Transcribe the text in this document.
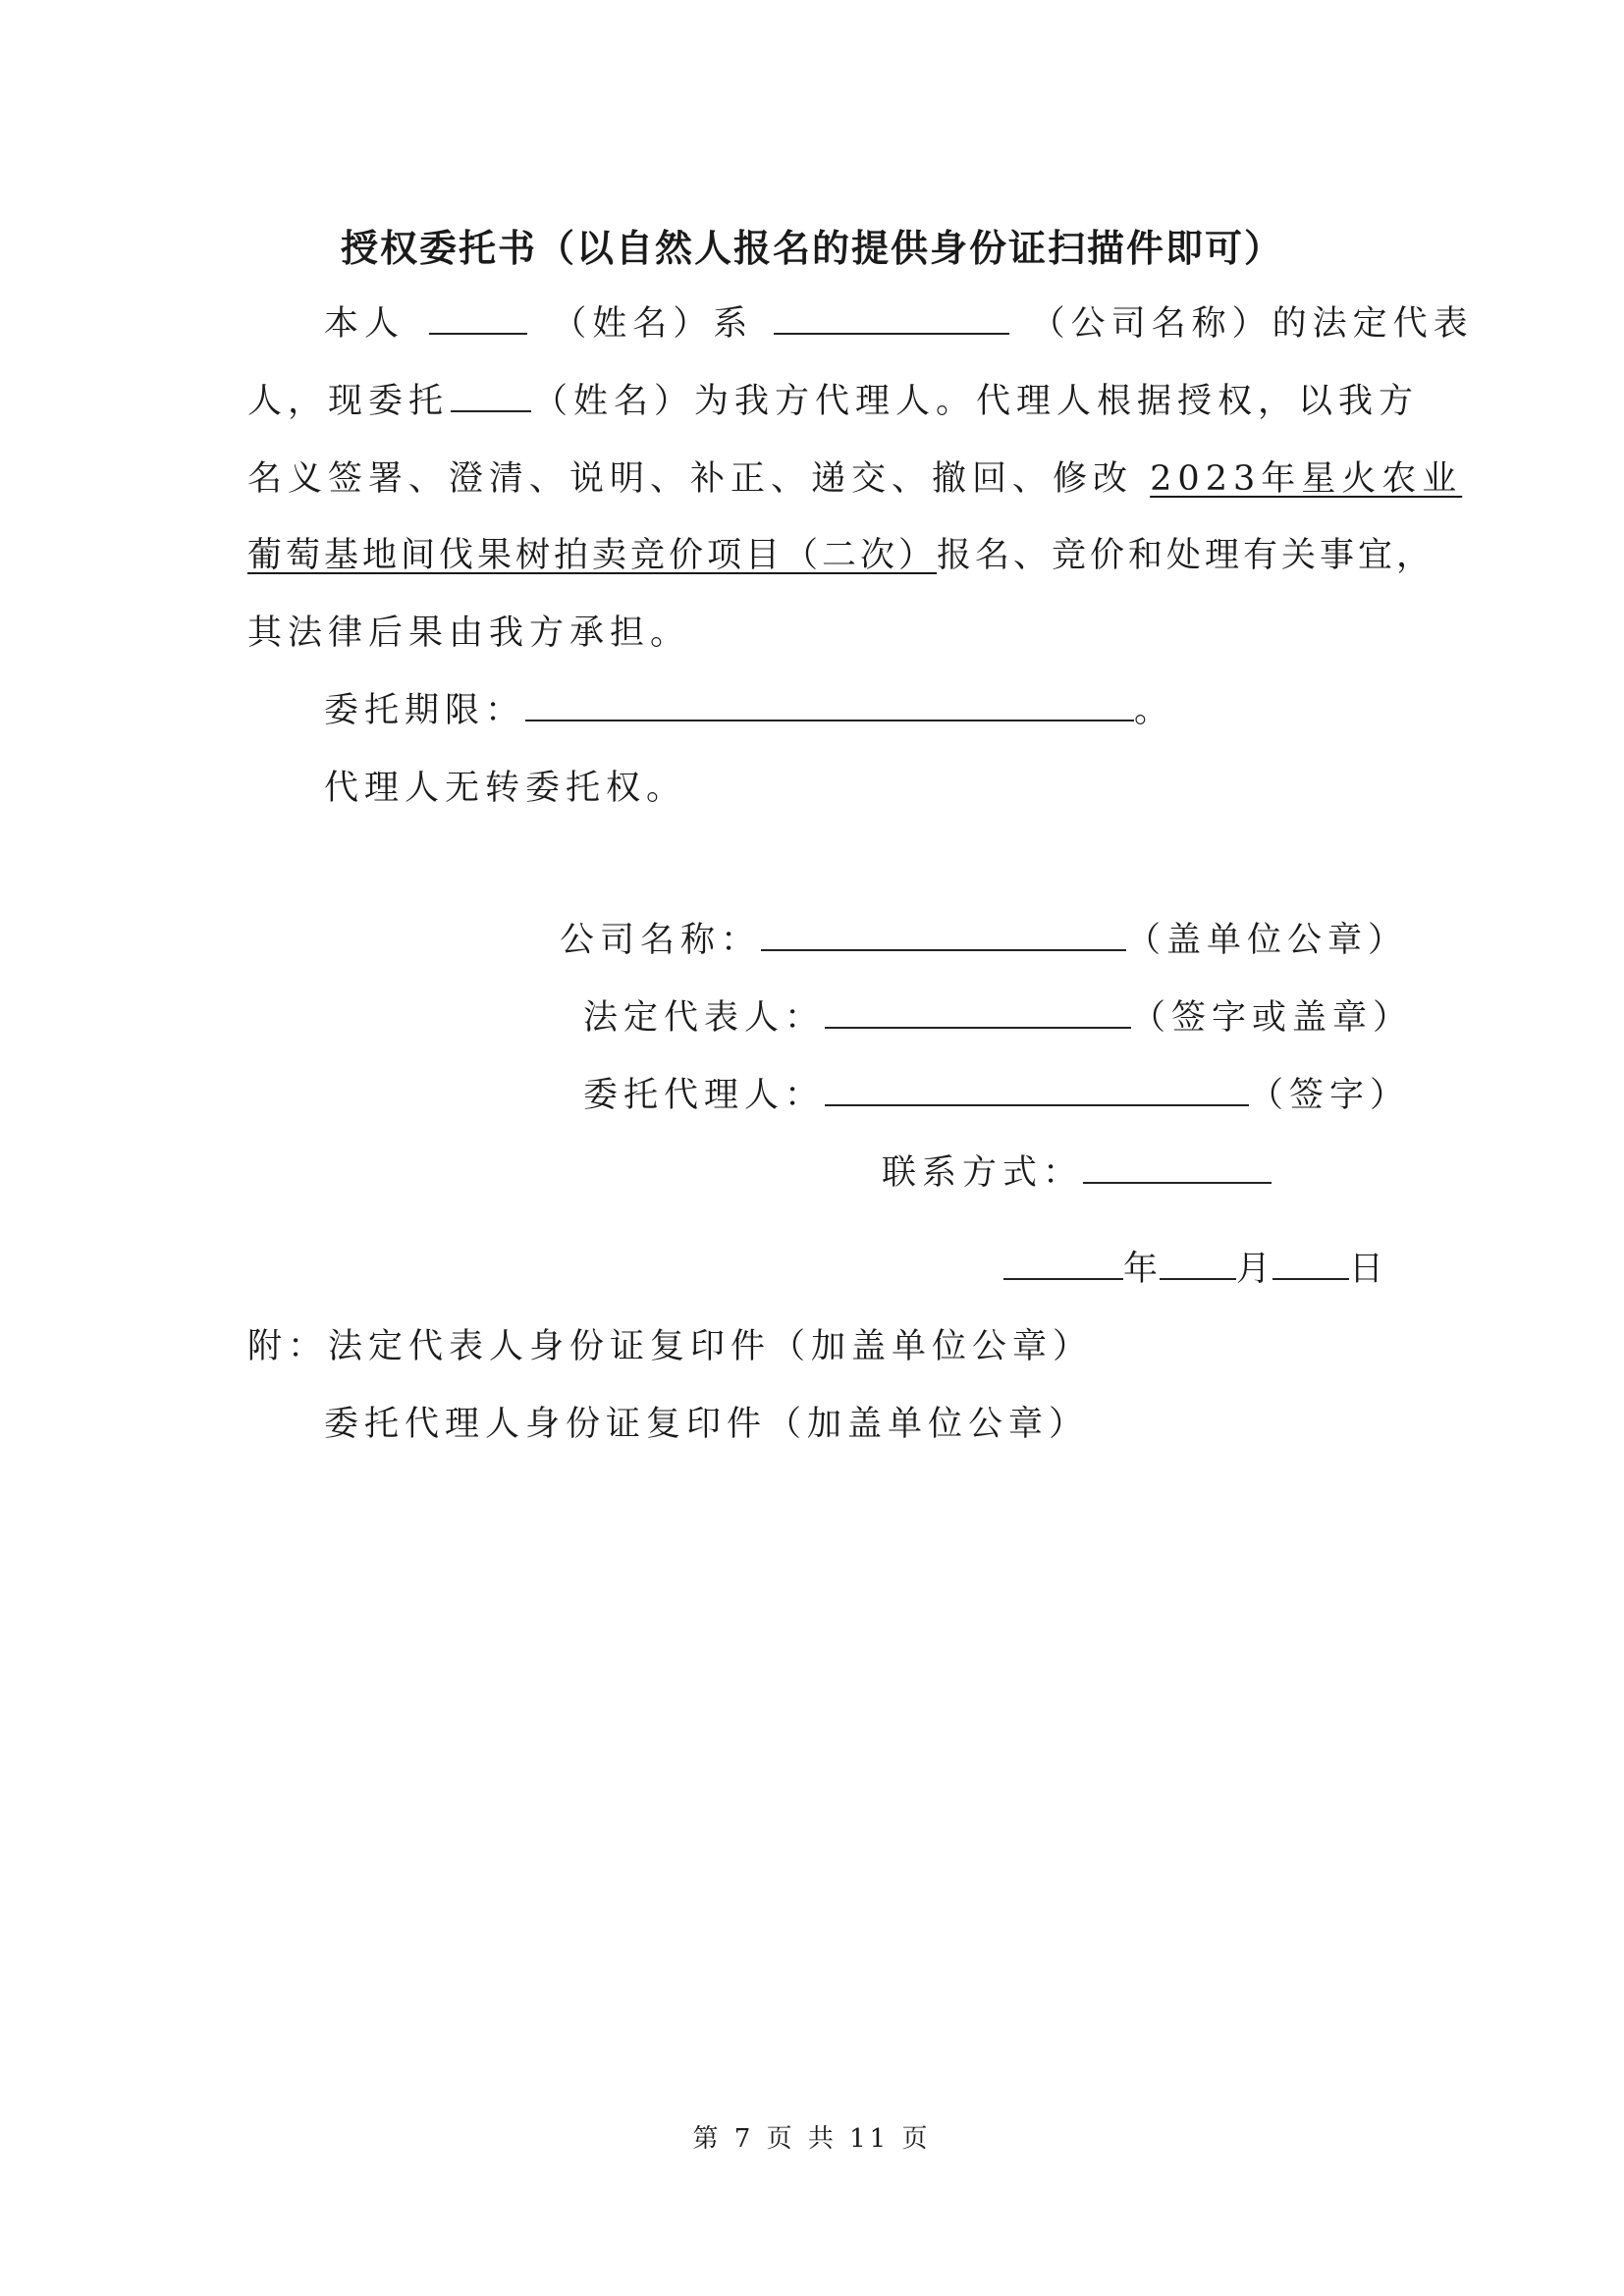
授权委托书（以自然人报名的提供身份证扫描件即可）
本人	（姓名）系	（公司名称）的法定代表
人，现委托 （姓名）为我方代理人。代理人根据授权，以我方
名义签署、澄清、说明、补正、递交、撤回、修改 2023年星火农业
葡萄基地间伐果树拍卖竞价项目（二次）报名、竞价和处理有关事宜，
其法律后果由我方承担。
委托期限：	。
代理人无转委托权。
公司名称：	（盖单位公章）
法定代表人：	（签字或盖章）
委托代理人：	（签字）
联系方式：
年 月 日
附：法定代表人身份证复印件（加盖单位公章）
委托代理人身份证复印件（加盖单位公章）
第 7 页 共 11 页
